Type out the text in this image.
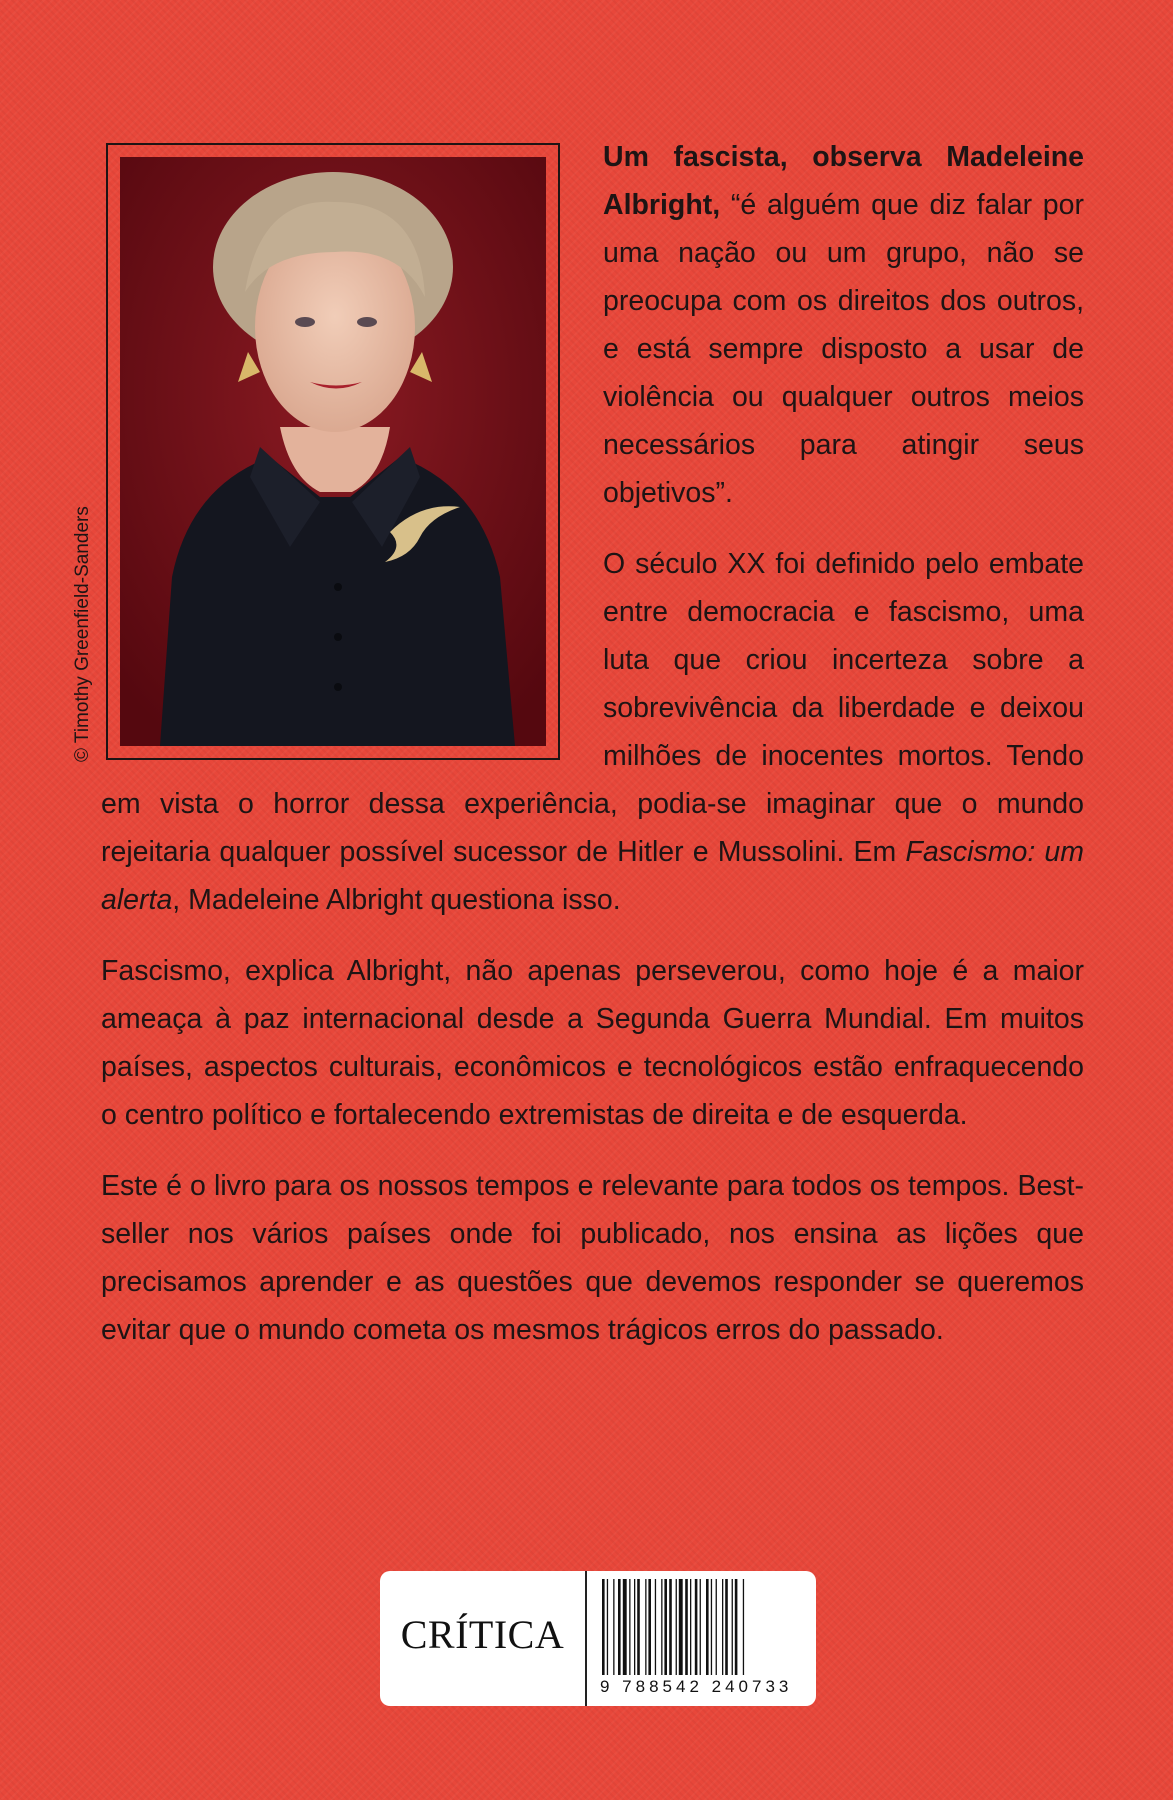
© Timothy Greenfield-Sanders

Um fascista, observa Madeleine Albright, “é alguém que diz falar por uma nação ou um grupo, não se preocupa com os direitos dos outros, e está sempre disposto a usar de violência ou qualquer outros meios necessários para atingir seus objetivos”.

O século XX foi definido pelo embate entre democracia e fascismo, uma luta que criou incerteza sobre a sobrevivência da liberdade e deixou milhões de inocentes mortos. Tendo em vista o horror dessa experiência, podia-se imaginar que o mundo rejeitaria qualquer possível sucessor de Hitler e Mussolini. Em Fascismo: um alerta, Madeleine Albright questiona isso.

Fascismo, explica Albright, não apenas perseverou, como hoje é a maior ameaça à paz internacional desde a Segunda Guerra Mundial. Em muitos países, aspectos culturais, econômicos e tecnológicos estão enfraquecendo o centro político e fortalecendo extremistas de direita e de esquerda.

Este é o livro para os nossos tempos e relevante para todos os tempos. Best-seller nos vários países onde foi publicado, nos ensina as lições que precisamos aprender e as questões que devemos responder se queremos evitar que o mundo cometa os mesmos trágicos erros do passado.

CRÍTICA
9 788542 240733
